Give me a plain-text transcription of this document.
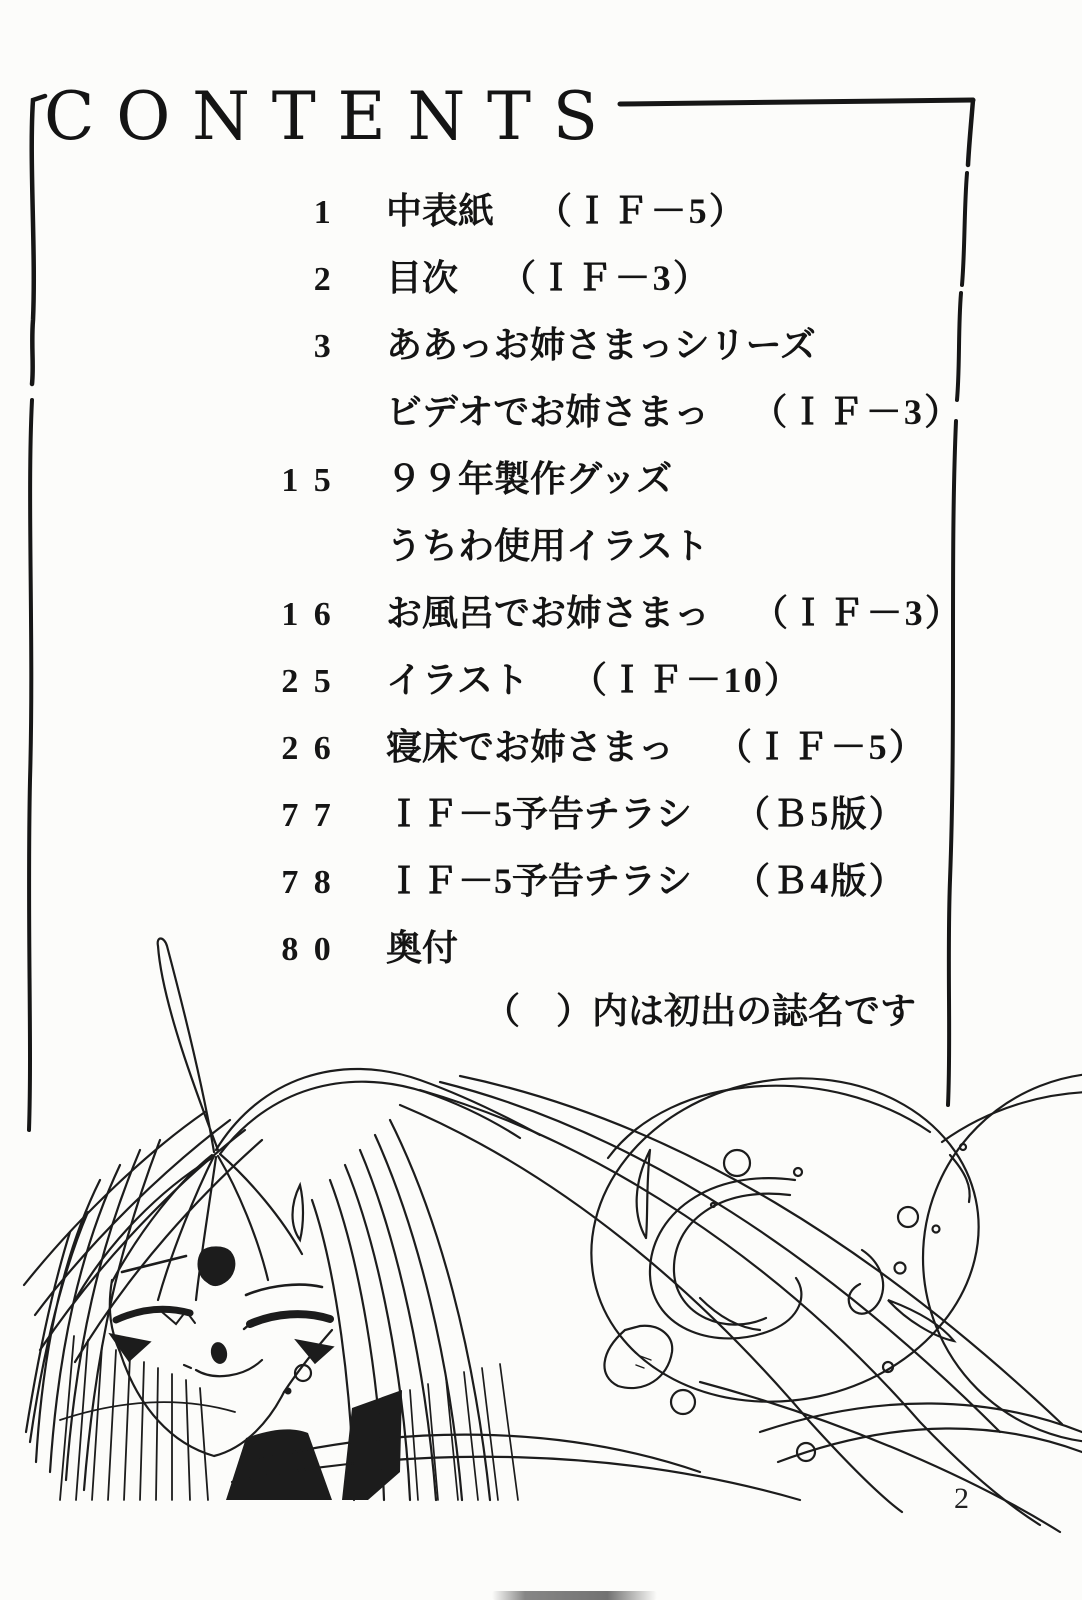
CONTENTS
1 中表紙 （ＩＦ－5）
2 目次 （ＩＦ－3）
3 ああっお姉さまっシリーズ
ビデオでお姉さまっ （ＩＦ－3）
15 ９９年製作グッズ
うちわ使用イラスト
16 お風呂でお姉さまっ （ＩＦ－3）
25 イラスト （ＩＦ－10）
26 寝床でお姉さまっ （ＩＦ－5）
77 ＩＦ－5予告チラシ （Ｂ5版）
78 ＩＦ－5予告チラシ （Ｂ4版）
80 奥付
（　）内は初出の誌名です
2
